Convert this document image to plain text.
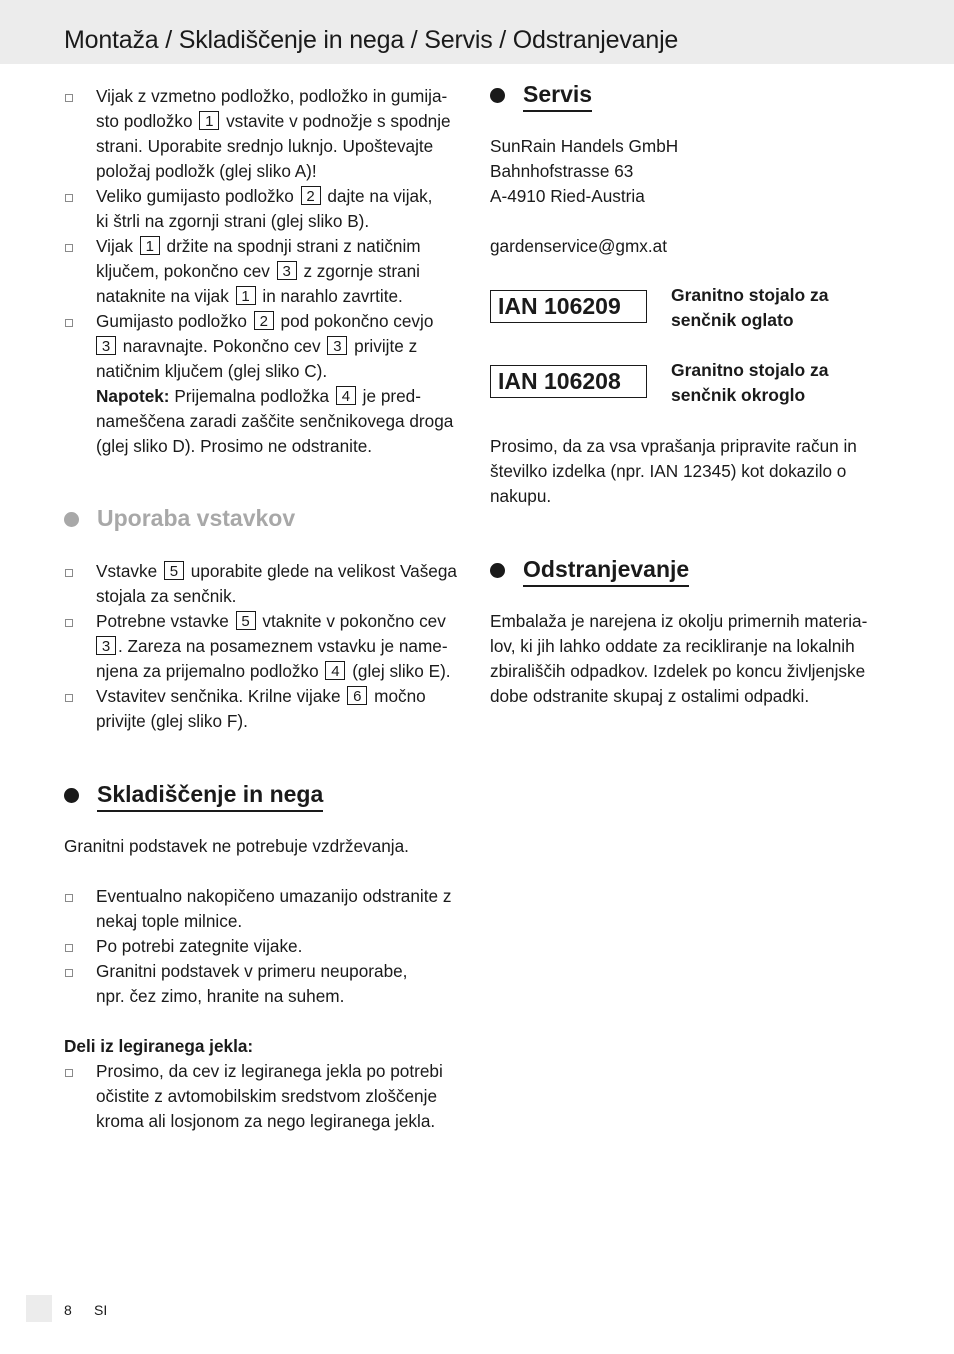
Montaža / Skladiščenje in nega / Servis / Odstranjevanje
Vijak z vzmetno podložko, podložko in gumija-
sto podložko 1 vstavite v podnožje s spodnje
strani. Uporabite srednjo luknjo. Upoštevajte
položaj podložk (glej sliko A)!
Veliko gumijasto podložko 2 dajte na vijak,
ki štrli na zgornji strani (glej sliko B).
Vijak 1 držite na spodnji strani z natičnim
ključem, pokončno cev 3 z zgornje strani
nataknite na vijak 1 in narahlo zavrtite.
Gumijasto podložko 2 pod pokončno cevjo
3 naravnajte. Pokončno cev 3 privijte z
natičnim ključem (glej sliko C).
Napotek: Prijemalna podložka 4 je pred-
nameščena zaradi zaščite senčnikovega droga
(glej sliko D). Prosimo ne odstranite.
Uporaba vstavkov
Vstavke 5 uporabite glede na velikost Vašega
stojala za senčnik.
Potrebne vstavke 5 vtaknite v pokončno cev
3 . Zareza na posameznem vstavku je name-
njena za prijemalno podložko 4 (glej sliko E).
Vstavitev senčnika. Krilne vijake 6 močno
privijte (glej sliko F).
Skladiščenje in nega
Granitni podstavek ne potrebuje vzdrževanja.
Eventualno nakopičeno umazanijo odstranite z
nekaj tople milnice.
Po potrebi zategnite vijake.
Granitni podstavek v primeru neuporabe,
npr. čez zimo, hranite na suhem.
Deli iz legiranega jekla:
Prosimo, da cev iz legiranega jekla po potrebi
očistite z avtomobilskim sredstvom zloščenje
kroma ali losjonom za nego legiranega jekla.
Servis
SunRain Handels GmbH
Bahnhofstrasse 63
A-4910 Ried-Austria
gardenservice@gmx.at
IAN 106209	Granitno stojalo za
senčnik oglato
IAN 106208	Granitno stojalo za
senčnik okroglo
Prosimo, da za vsa vprašanja pripravite račun in
številko izdelka (npr. IAN 12345) kot dokazilo o
nakupu.
Odstranjevanje
Embalaža je narejena iz okolju primernih materia-
lov, ki jih lahko oddate za recikliranje na lokalnih
zbirališčih odpadkov. Izdelek po koncu življenjske
dobe odstranite skupaj z ostalimi odpadki.
8 SI
